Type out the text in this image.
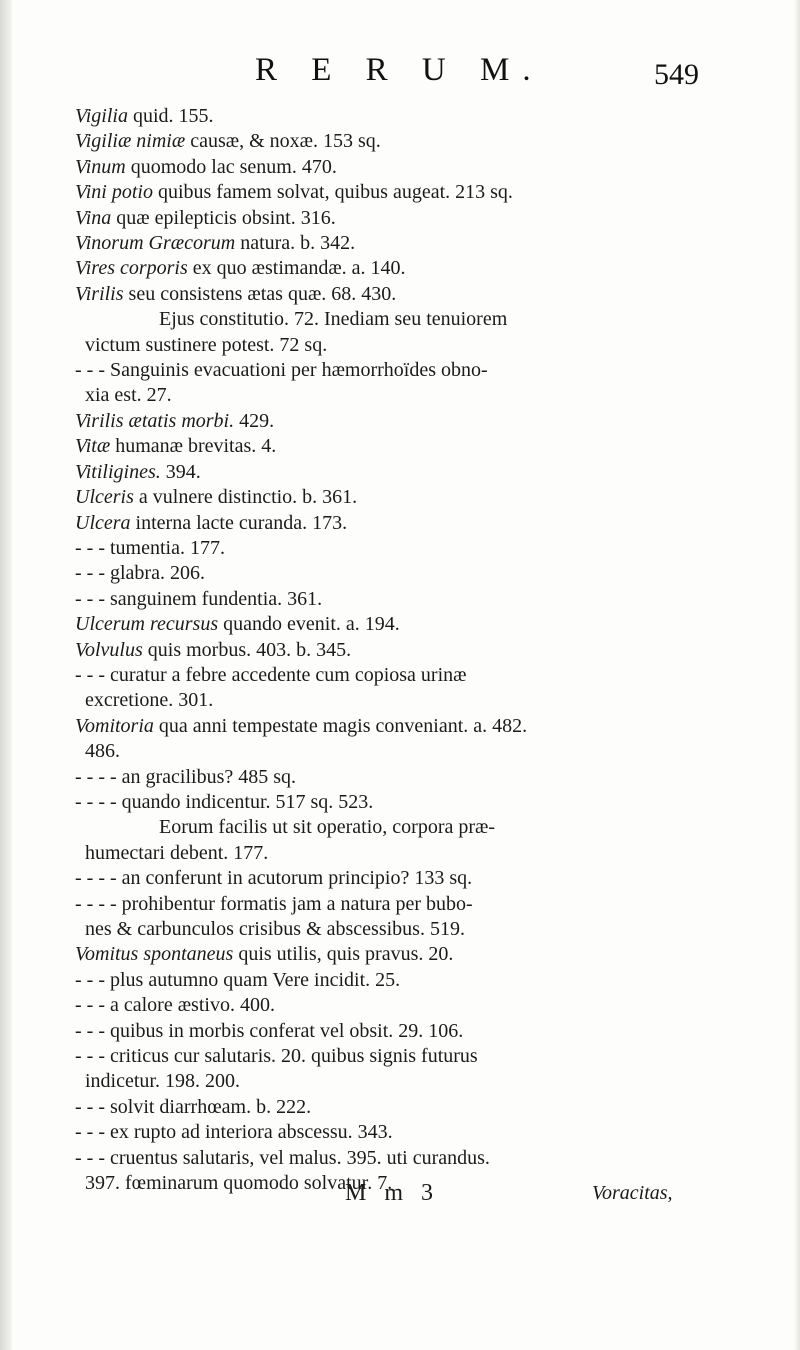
R E R U M.	549
Vigilia quid. 155.
Vigiliæ nimiæ causæ, & noxæ. 153 sq.
Vinum quomodo lac senum. 470.
Vini potio quibus famem solvat, quibus augeat. 213 sq.
Vina quæ epilepticis obsint. 316.
Vinorum Græcorum natura. b. 342.
Vires corporis ex quo æstimandæ. a. 140.
Virilis seu consistens ætas quæ. 68. 430.
Ejus constitutio. 72. Inediam seu tenuiorem
victum sustinere potest. 72 sq.
- - - Sanguinis evacuationi per hæmorrhoïdes obno-
xia est. 27.
Virilis ætatis morbi. 429.
Vitæ humanæ brevitas. 4.
Vitiligines. 394.
Ulceris a vulnere distinctio. b. 361.
Ulcera interna lacte curanda. 173.
- - - tumentia. 177.
- - - glabra. 206.
- - - sanguinem fundentia. 361.
Ulcerum recursus quando evenit. a. 194.
Volvulus quis morbus. 403. b. 345.
- - - curatur a febre accedente cum copiosa urinæ
excretione. 301.
Vomitoria qua anni tempestate magis conveniant. a. 482.
486.
- - - - an gracilibus? 485 sq.
- - - - quando indicentur. 517 sq. 523.
Eorum facilis ut sit operatio, corpora præ-
humectari debent. 177.
- - - - an conferunt in acutorum principio? 133 sq.
- - - - prohibentur formatis jam a natura per bubo-
nes & carbunculos crisibus & abscessibus. 519.
Vomitus spontaneus quis utilis, quis pravus. 20.
- - - plus autumno quam Vere incidit. 25.
- - - a calore æstivo. 400.
- - - quibus in morbis conferat vel obsit. 29. 106.
- - - criticus cur salutaris. 20. quibus signis futurus
indicetur. 198. 200.
- - - solvit diarrhœam. b. 222.
- - - ex rupto ad interiora abscessu. 343.
- - - cruentus salutaris, vel malus. 395. uti curandus.
397. fœminarum quomodo solvatur. 7.
M m 3	Voracitas,
